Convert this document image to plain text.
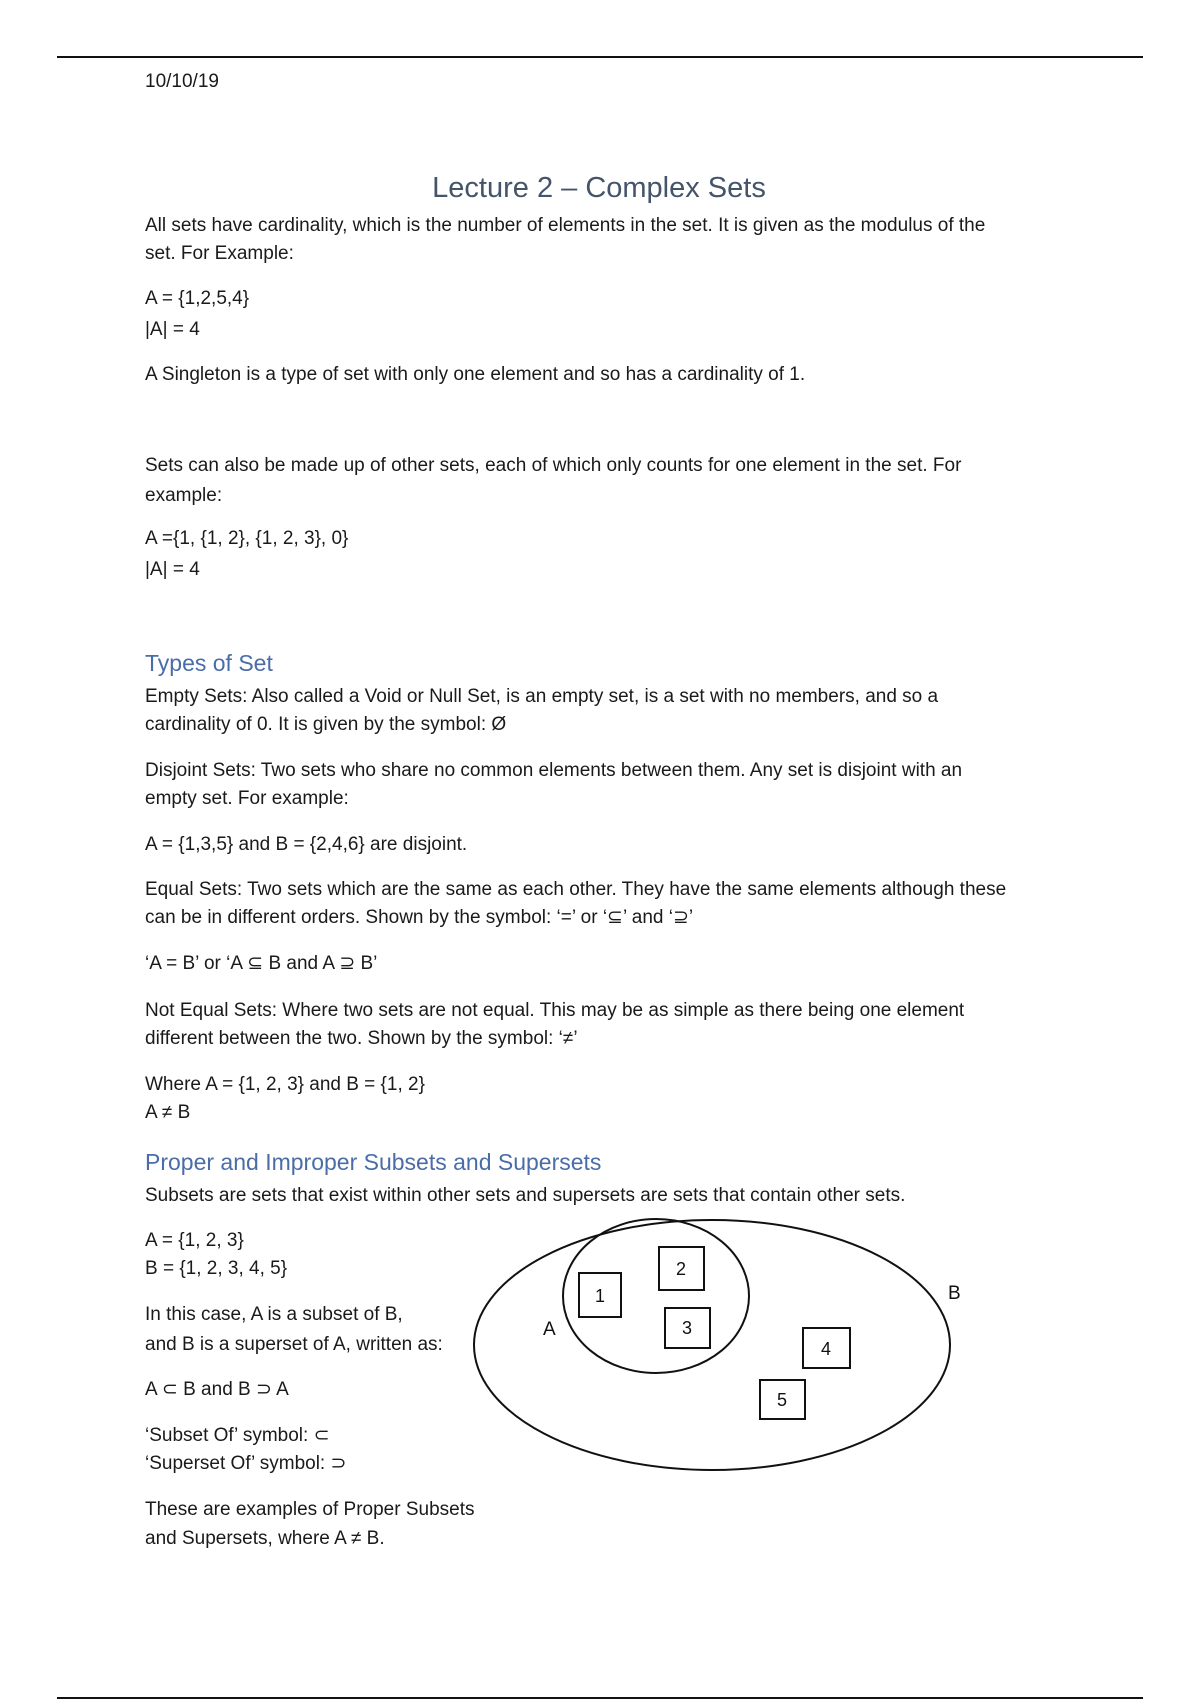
10/10/19

Lecture 2 – Complex Sets

All sets have cardinality, which is the number of elements in the set. It is given as the modulus of the

set. For Example:

A = {1,2,5,4}

|A| = 4

A Singleton is a type of set with only one element and so has a cardinality of 1.

Sets can also be made up of other sets, each of which only counts for one element in the set. For

example:

A ={1, {1, 2}, {1, 2, 3}, 0}

|A| = 4

Types of Set

Empty Sets: Also called a Void or Null Set, is an empty set, is a set with no members, and so a

cardinality of 0. It is given by the symbol: Ø

Disjoint Sets: Two sets who share no common elements between them. Any set is disjoint with an

empty set. For example:

A = {1,3,5} and B = {2,4,6} are disjoint.

Equal Sets: Two sets which are the same as each other. They have the same elements although these

can be in different orders. Shown by the symbol: ‘=’ or ‘⊆’ and ‘⊇’

‘A = B’ or ‘A ⊆ B and A ⊇ B’

Not Equal Sets: Where two sets are not equal. This may be as simple as there being one element

different between the two. Shown by the symbol: ‘≠’

Where A = {1, 2, 3} and B = {1, 2}

A ≠ B

Proper and Improper Subsets and Supersets

Subsets are sets that exist within other sets and supersets are sets that contain other sets.

A = {1, 2, 3}

B = {1, 2, 3, 4, 5}

In this case, A is a subset of B,

and B is a superset of A, written as:

A ⊂ B and B ⊃ A

‘Subset Of’ symbol: ⊂

‘Superset Of’ symbol: ⊃

These are examples of Proper Subsets

and Supersets, where A ≠ B.

A
B
1
2
3
4
5
